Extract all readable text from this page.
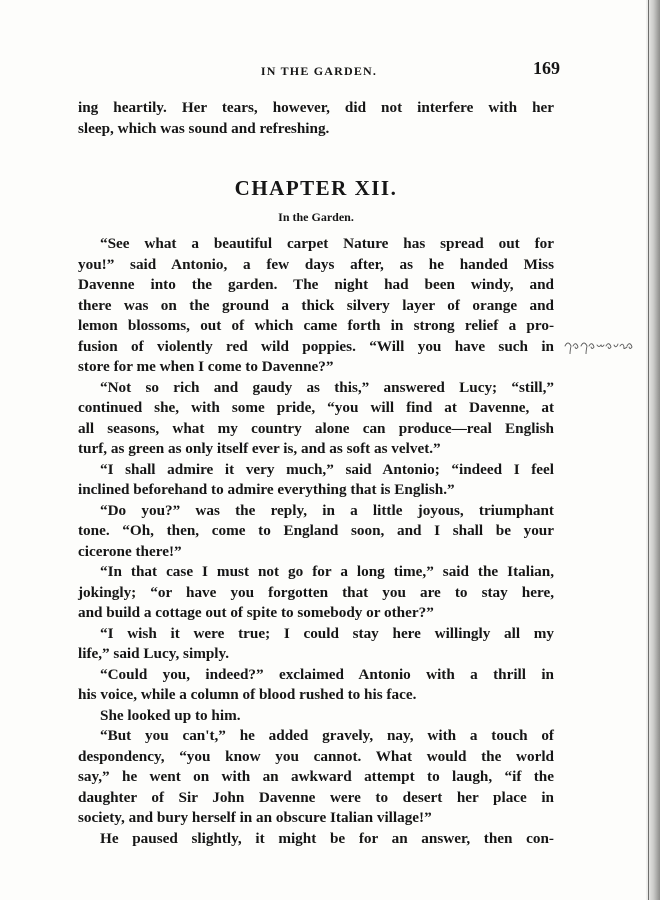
IN THE GARDEN.	169
ing heartily. Her tears, however, did not interfere with her
sleep, which was sound and refreshing.
CHAPTER XII.
In the Garden.
“See what a beautiful carpet Nature has spread out for
you!” said Antonio, a few days after, as he handed Miss
Davenne into the garden. The night had been windy, and
there was on the ground a thick silvery layer of orange and
lemon blossoms, out of which came forth in strong relief a pro-
fusion of violently red wild poppies. “Will you have such in
store for me when I come to Davenne?”
“Not so rich and gaudy as this,” answered Lucy; “still,”
continued she, with some pride, “you will find at Davenne, at
all seasons, what my country alone can produce—real English
turf, as green as only itself ever is, and as soft as velvet.”
“I shall admire it very much,” said Antonio; “indeed I feel
inclined beforehand to admire everything that is English.”
“Do you?” was the reply, in a little joyous, triumphant
tone. “Oh, then, come to England soon, and I shall be your
cicerone there!”
“In that case I must not go for a long time,” said the Italian,
jokingly; “or have you forgotten that you are to stay here,
and build a cottage out of spite to somebody or other?”
“I wish it were true; I could stay here willingly all my
life,” said Lucy, simply.
“Could you, indeed?” exclaimed Antonio with a thrill in
his voice, while a column of blood rushed to his face.
She looked up to him.
“But you can't,” he added gravely, nay, with a touch of
despondency, “you know you cannot. What would the world
say,” he went on with an awkward attempt to laugh, “if the
daughter of Sir John Davenne were to desert her place in
society, and bury herself in an obscure Italian village!”
He paused slightly, it might be for an answer, then con-
